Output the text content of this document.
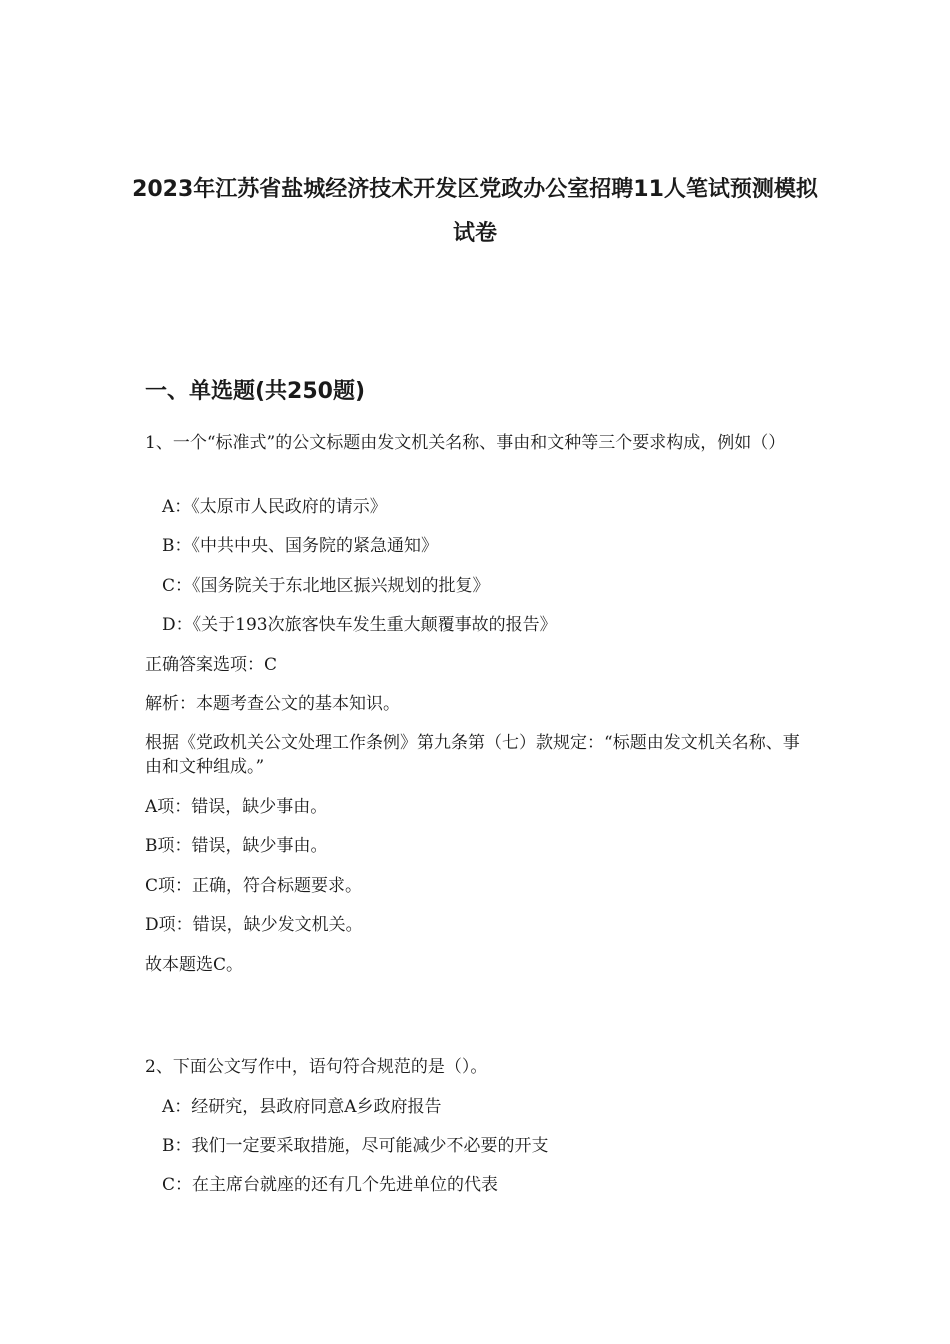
2023年江苏省盐城经济技术开发区党政办公室招聘11人笔试预测模拟试卷
一、单选题(共250题)

1、一个“标准式”的公文标题由发文机关名称、事由和文种等三个要求构成，例如（）

A：《太原市人民政府的请示》

B：《中共中央、国务院的紧急通知》

C：《国务院关于东北地区振兴规划的批复》

D：《关于193次旅客快车发生重大颠覆事故的报告》

正确答案选项：C

解析：本题考查公文的基本知识。

根据《党政机关公文处理工作条例》第九条第（七）款规定：“标题由发文机关名称、事由和文种组成。”

A项：错误，缺少事由。

B项：错误，缺少事由。

C项：正确，符合标题要求。

D项：错误，缺少发文机关。

故本题选C。

2、下面公文写作中，语句符合规范的是（）。

A：经研究，县政府同意A乡政府报告

B：我们一定要采取措施，尽可能减少不必要的开支

C：在主席台就座的还有几个先进单位的代表
